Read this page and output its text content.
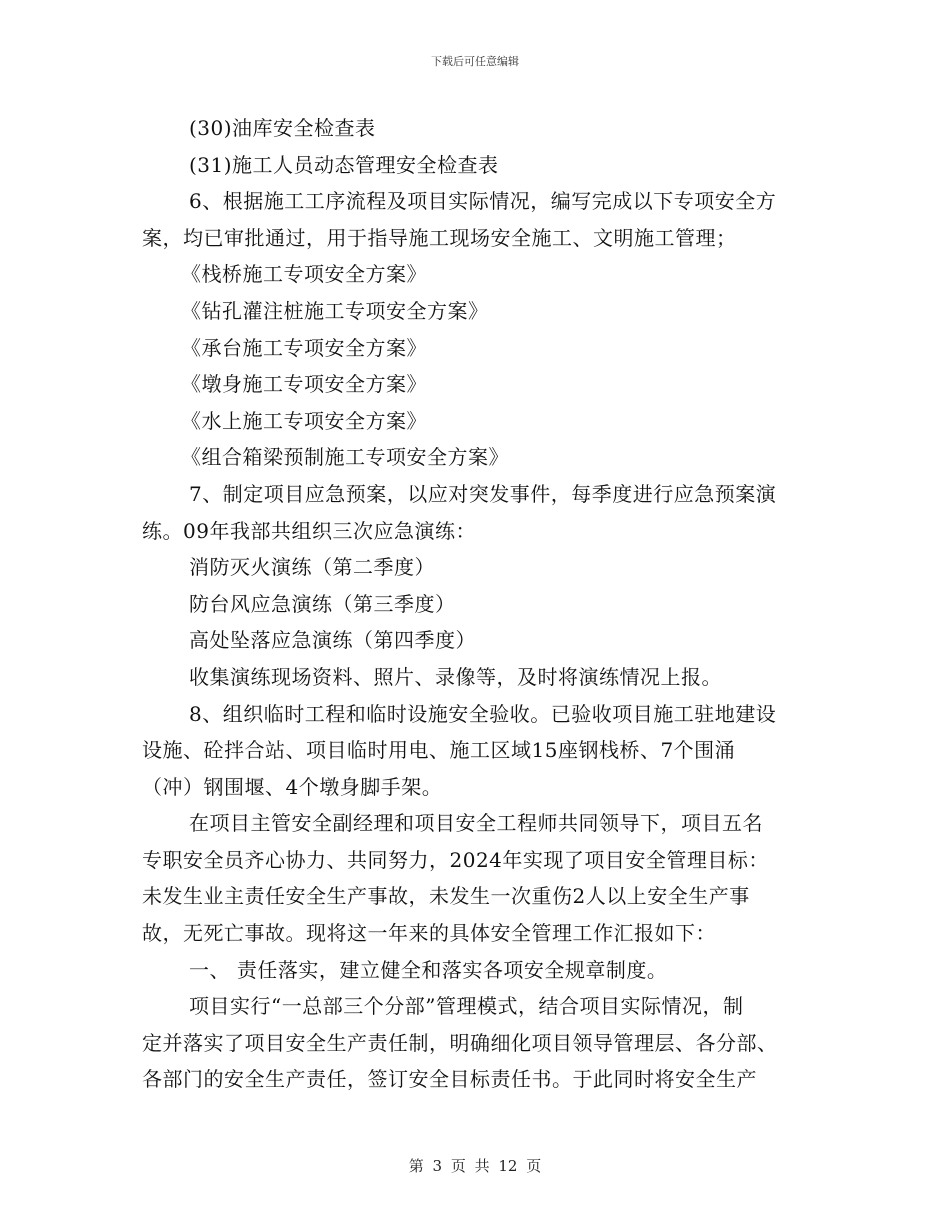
下载后可任意编辑
(30)油库安全检查表
(31)施工人员动态管理安全检查表
6、根据施工工序流程及项目实际情况，编写完成以下专项安全方
案，均已审批通过，用于指导施工现场安全施工、文明施工管理；
《栈桥施工专项安全方案》
《钻孔灌注桩施工专项安全方案》
《承台施工专项安全方案》
《墩身施工专项安全方案》
《水上施工专项安全方案》
《组合箱梁预制施工专项安全方案》
7、制定项目应急预案，以应对突发事件，每季度进行应急预案演
练。09年我部共组织三次应急演练：
消防灭火演练（第二季度）
防台风应急演练（第三季度）
高处坠落应急演练（第四季度）
收集演练现场资料、照片、录像等，及时将演练情况上报。
8、组织临时工程和临时设施安全验收。已验收项目施工驻地建设
设施、砼拌合站、项目临时用电、施工区域15座钢栈桥、7个围涌
（冲）钢围堰、4个墩身脚手架。
在项目主管安全副经理和项目安全工程师共同领导下，项目五名
专职安全员齐心协力、共同努力，2024年实现了项目安全管理目标：
未发生业主责任安全生产事故，未发生一次重伤2人以上安全生产事
故，无死亡事故。现将这一年来的具体安全管理工作汇报如下：
一、 责任落实，建立健全和落实各项安全规章制度。
项目实行“一总部三个分部”管理模式，结合项目实际情况，制
定并落实了项目安全生产责任制，明确细化项目领导管理层、各分部、
各部门的安全生产责任，签订安全目标责任书。于此同时将安全生产
第 3 页 共 12 页
